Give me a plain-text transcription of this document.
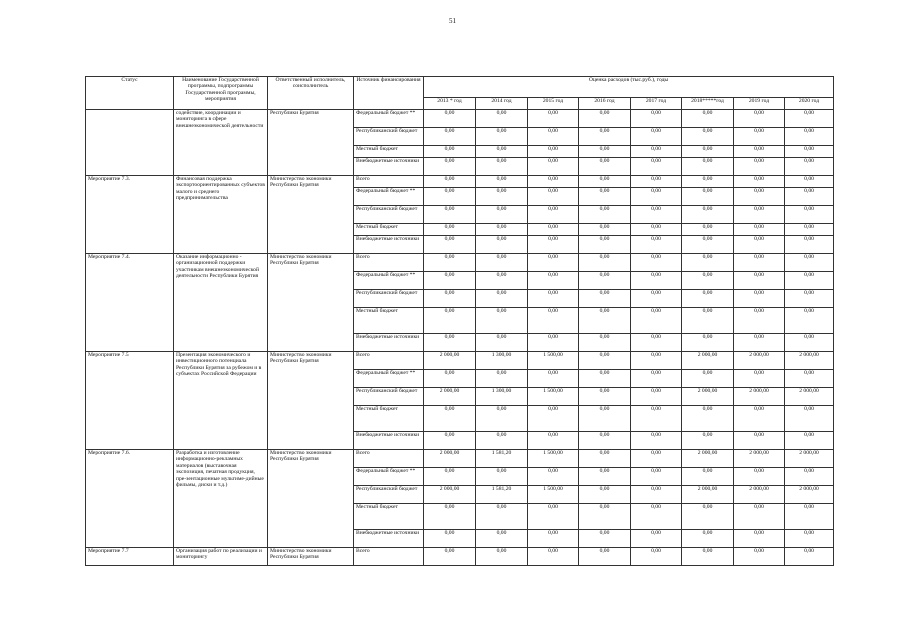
51
Статус	Наименование Государственной программы, подпрограммы Государственной программы, мероприятия	Ответственный исполнитель, соисполнитель	Источник финансирования	Оценка расходов (тыс.руб.), годы							
				2013 * год	2014 год	2015 год	2016 год	2017 год	2018*****год	2019 год	2020 год
	содействие, координации и мониторинга в сфере внешнеэкономической деятельности	Республики Бурятия	Федеральный бюджет **	0,00	0,00	0,00	0,00	0,00	0,00	0,00	0,00
			Республиканский бюджет	0,00	0,00	0,00	0,00	0,00	0,00	0,00	0,00
			Местный бюджет	0,00	0,00	0,00	0,00	0,00	0,00	0,00	0,00
			Внебюджетные источники	0,00	0,00	0,00	0,00	0,00	0,00	0,00	0,00
Мероприятие 7.3.	Финансовая поддержка экспортоориентированных субъектов малого и среднего предпринимательства	Министерство экономики Республики Бурятия	Всего	0,00	0,00	0,00	0,00	0,00	0,00	0,00	0,00
			Федеральный бюджет **	0,00	0,00	0,00	0,00	0,00	0,00	0,00	0,00
			Республиканский бюджет	0,00	0,00	0,00	0,00	0,00	0,00	0,00	0,00
			Местный бюджет	0,00	0,00	0,00	0,00	0,00	0,00	0,00	0,00
			Внебюджетные источники	0,00	0,00	0,00	0,00	0,00	0,00	0,00	0,00
Мероприятие 7.4.	Оказание информационно - организационной поддержки участникам внешнеэкономической деятельности Республики Бурятия	Министерство экономики Республики Бурятия	Всего	0,00	0,00	0,00	0,00	0,00	0,00	0,00	0,00
			Федеральный бюджет **	0,00	0,00	0,00	0,00	0,00	0,00	0,00	0,00
			Республиканский бюджет	0,00	0,00	0,00	0,00	0,00	0,00	0,00	0,00
			Местный бюджет	0,00	0,00	0,00	0,00	0,00	0,00	0,00	0,00
			Внебюджетные источники	0,00	0,00	0,00	0,00	0,00	0,00	0,00	0,00
Мероприятие 7.5	Презентация экономического и инвестиционного потенциала Республики Бурятия за рубежом и в субъектах Российской Федерации	Министерство экономики Республики Бурятия	Всего	2 000,00	1 300,00	1 500,00	0,00	0,00	2 000,00	2 000,00	2 000,00
			Федеральный бюджет **	0,00	0,00	0,00	0,00	0,00	0,00	0,00	0,00
			Республиканский бюджет	2 000,00	1 300,00	1 500,00	0,00	0,00	2 000,00	2 000,00	2 000,00
			Местный бюджет	0,00	0,00	0,00	0,00	0,00	0,00	0,00	0,00
			Внебюджетные источники	0,00	0,00	0,00	0,00	0,00	0,00	0,00	0,00
Мероприятие 7.6.	Разработка и изготовление информационно-рекламных материалов (выставочная экспозиция, печатная продукция, пре-зентационные мультиме-дийные фильмы, диски и т.д.)	Министерство экономики Республики Бурятия	Всего	2 000,00	1 581,20	1 500,00	0,00	0,00	2 000,00	2 000,00	2 000,00
			Федеральный бюджет **	0,00	0,00	0,00	0,00	0,00	0,00	0,00	0,00
			Республиканский бюджет	2 000,00	1 581,20	1 500,00	0,00	0,00	2 000,00	2 000,00	2 000,00
			Местный бюджет	0,00	0,00	0,00	0,00	0,00	0,00	0,00	0,00
			Внебюджетные источники	0,00	0,00	0,00	0,00	0,00	0,00	0,00	0,00
Мероприятие 7.7	Организация работ по реализации и мониторингу	Министерство экономики Республики Бурятия	Всего	0,00	0,00	0,00	0,00	0,00	0,00	0,00	0,00
